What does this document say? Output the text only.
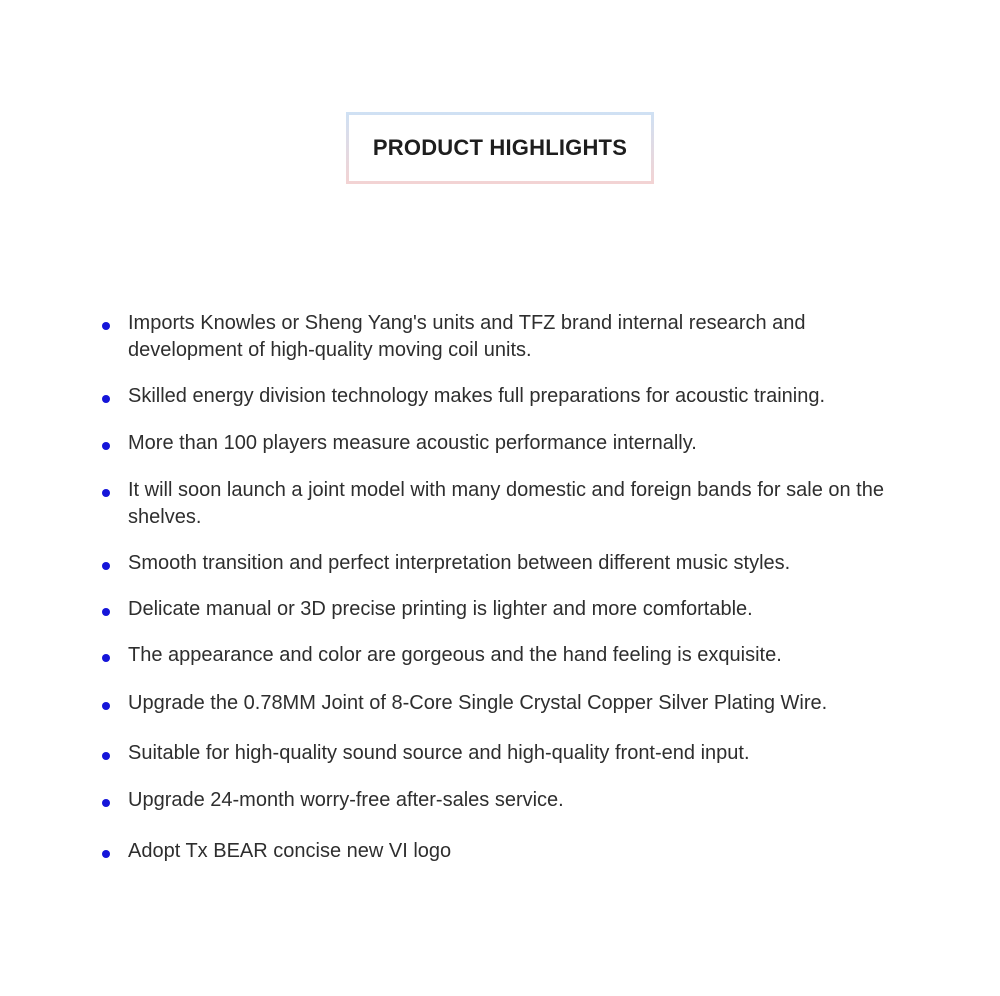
PRODUCT HIGHLIGHTS
Imports Knowles or Sheng Yang's units and TFZ brand internal research and development of high-quality moving coil units.
Skilled energy division technology makes full preparations for acoustic training.
More than 100 players measure acoustic performance internally.
It will soon launch a joint model with many domestic and foreign bands for sale on the shelves.
Smooth transition and perfect interpretation between different music styles.
Delicate manual or 3D precise printing is lighter and more comfortable.
The appearance and color are gorgeous and the hand feeling is exquisite.
Upgrade the 0.78MM Joint of 8-Core Single Crystal Copper Silver Plating Wire.
Suitable for high-quality sound source and high-quality front-end input.
Upgrade 24-month worry-free after-sales service.
Adopt Tx BEAR concise new VI logo
